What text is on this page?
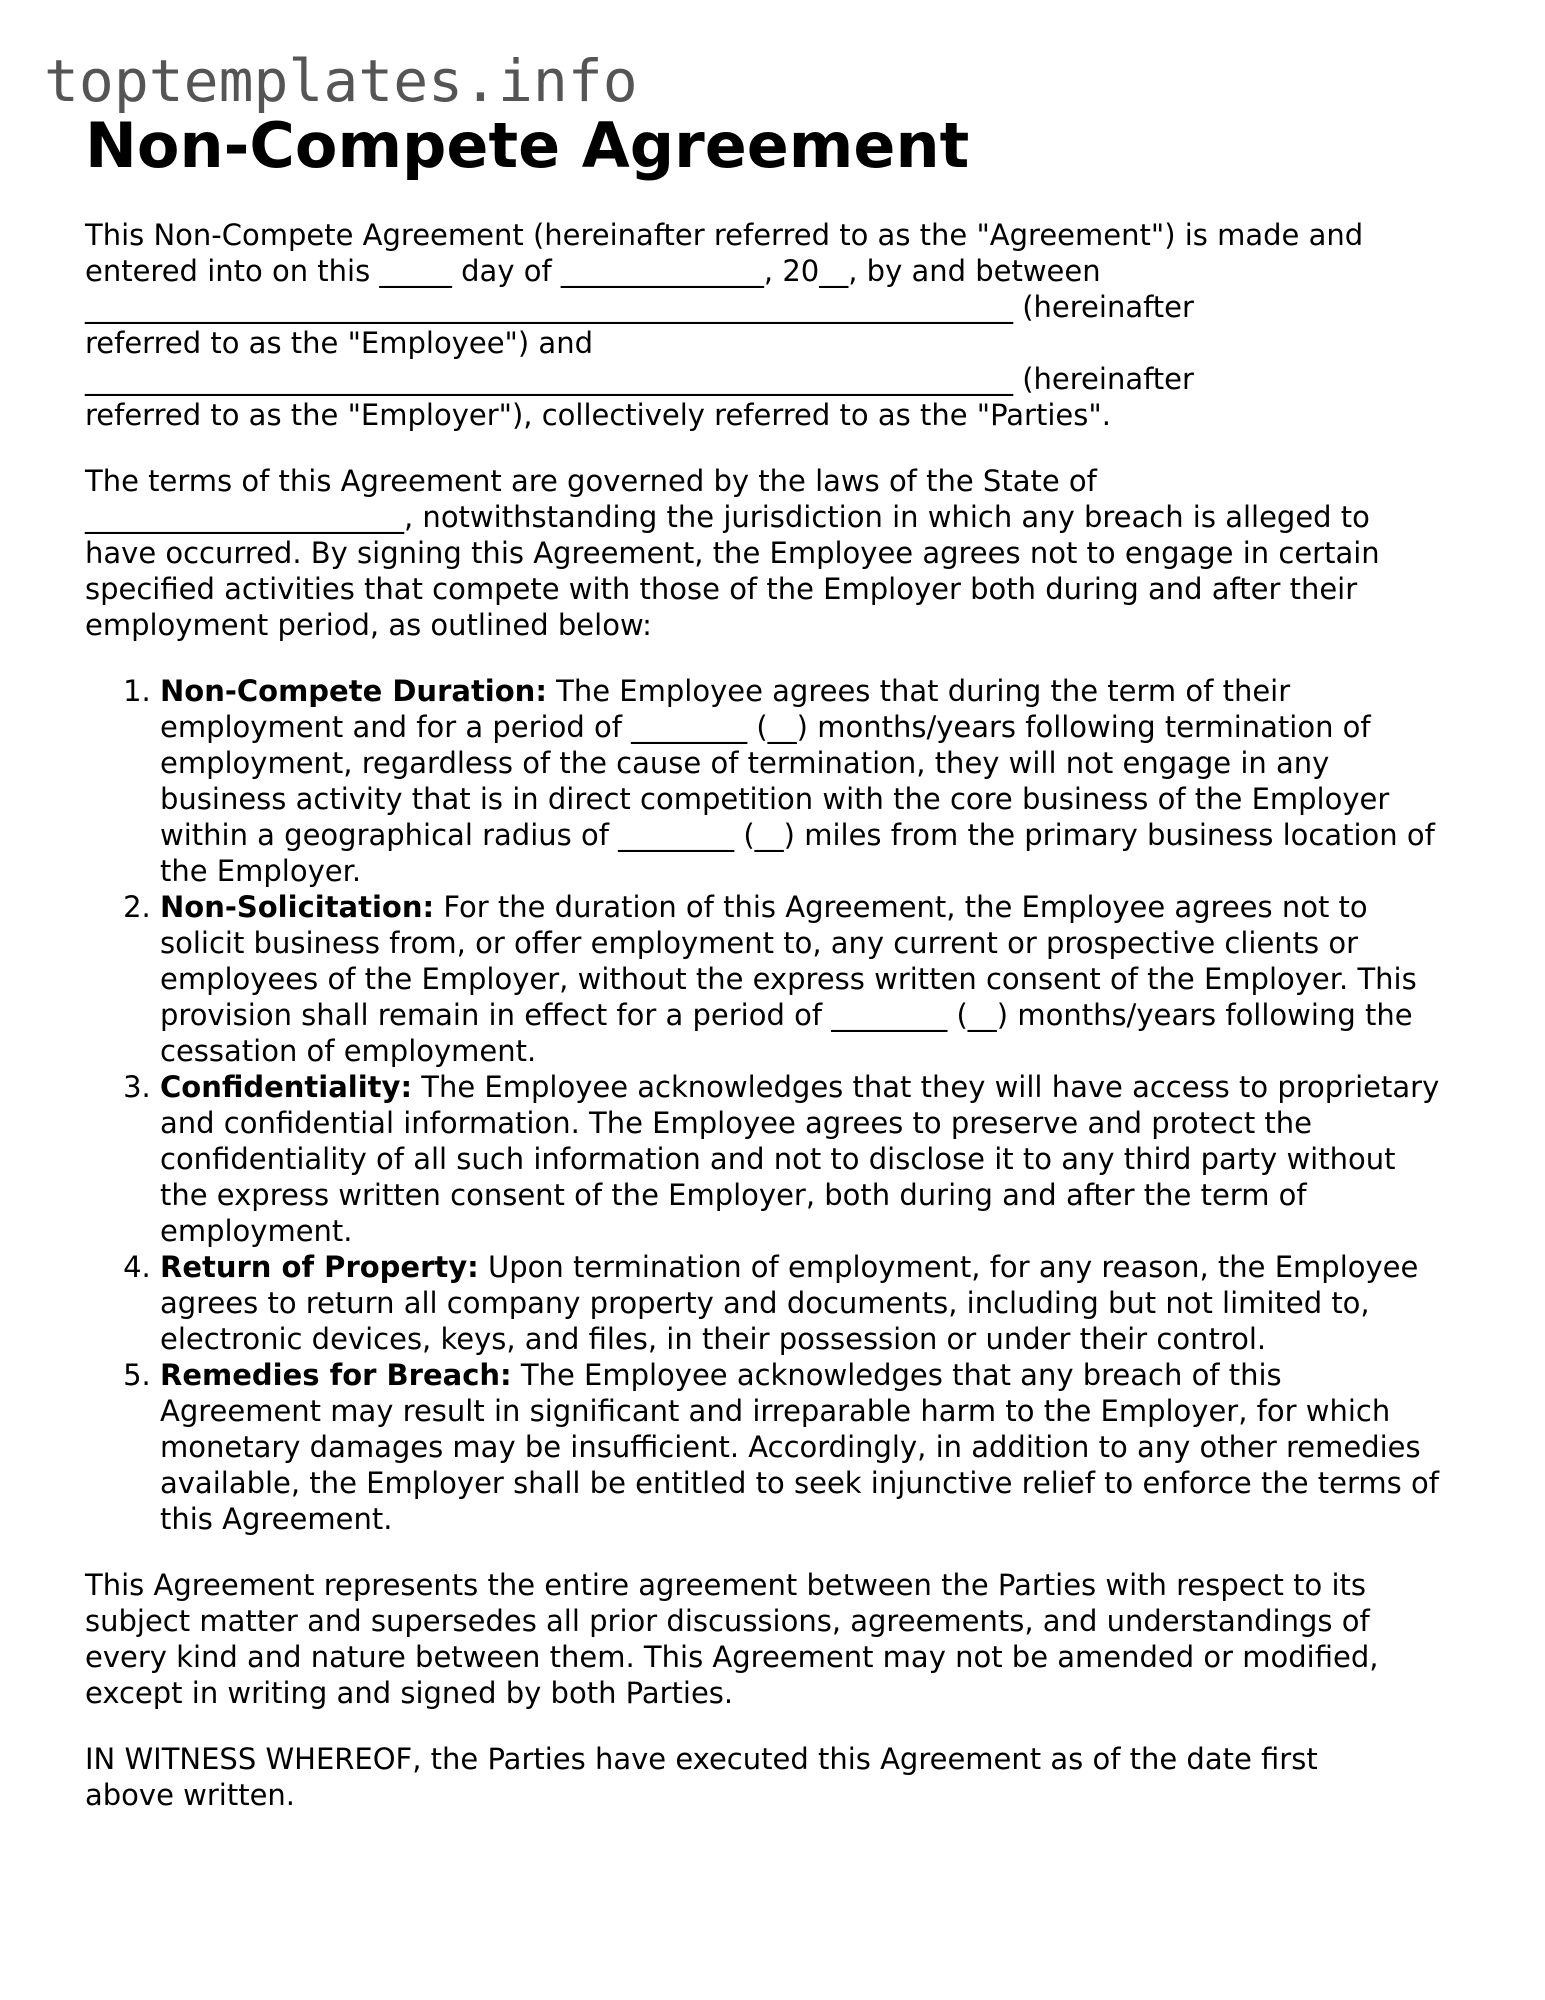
toptemplates.info
Non-Compete Agreement
This Non-Compete Agreement (hereinafter referred to as the "Agreement") is made and
entered into on this _____ day of ______________, 20__, by and between
________________________________________________________________ (hereinafter
referred to as the "Employee") and
________________________________________________________________ (hereinafter
referred to as the "Employer"), collectively referred to as the "Parties".
The terms of this Agreement are governed by the laws of the State of
______________________, notwithstanding the jurisdiction in which any breach is alleged to
have occurred. By signing this Agreement, the Employee agrees not to engage in certain
specified activities that compete with those of the Employer both during and after their
employment period, as outlined below:
1. Non-Compete Duration: The Employee agrees that during the term of their employment and for a period of ________ (__) months/years following termination of employment, regardless of the cause of termination, they will not engage in any business activity that is in direct competition with the core business of the Employer within a geographical radius of ________ (__) miles from the primary business location of the Employer.
2. Non-Solicitation: For the duration of this Agreement, the Employee agrees not to solicit business from, or offer employment to, any current or prospective clients or employees of the Employer, without the express written consent of the Employer. This provision shall remain in effect for a period of ________ (__) months/years following the cessation of employment.
3. Confidentiality: The Employee acknowledges that they will have access to proprietary and confidential information. The Employee agrees to preserve and protect the confidentiality of all such information and not to disclose it to any third party without the express written consent of the Employer, both during and after the term of employment.
4. Return of Property: Upon termination of employment, for any reason, the Employee agrees to return all company property and documents, including but not limited to, electronic devices, keys, and files, in their possession or under their control.
5. Remedies for Breach: The Employee acknowledges that any breach of this Agreement may result in significant and irreparable harm to the Employer, for which monetary damages may be insufficient. Accordingly, in addition to any other remedies available, the Employer shall be entitled to seek injunctive relief to enforce the terms of this Agreement.
This Agreement represents the entire agreement between the Parties with respect to its
subject matter and supersedes all prior discussions, agreements, and understandings of
every kind and nature between them. This Agreement may not be amended or modified,
except in writing and signed by both Parties.
IN WITNESS WHEREOF, the Parties have executed this Agreement as of the date first
above written.
